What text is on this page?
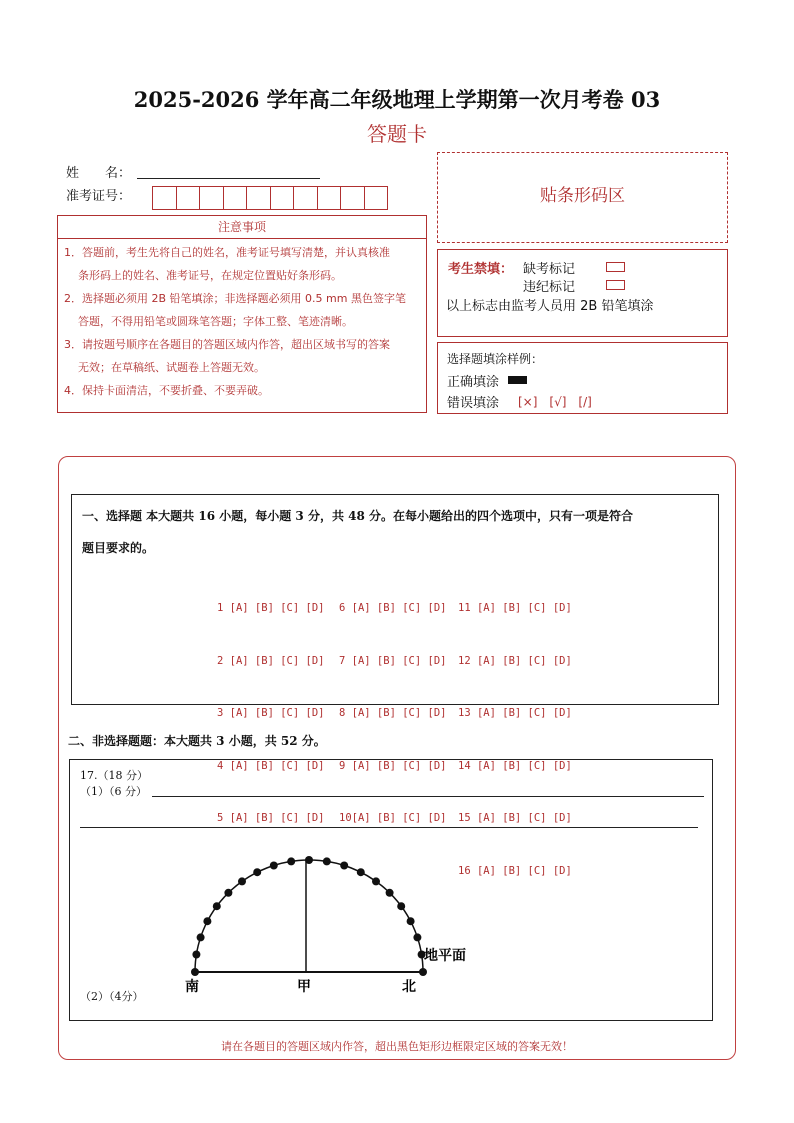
2025-2026 学年高二年级地理上学期第一次月考卷 03
答题卡
姓　　名：
准考证号：
注意事项
1．答题前，考生先将自己的姓名，准考证号填写清楚，并认真核准
条形码上的姓名、准考证号，在规定位置贴好条形码。
2．选择题必须用 2B 铅笔填涂；非选择题必须用 0.5 mm 黑色签字笔
答题，不得用铅笔或圆珠笔答题；字体工整、笔迹清晰。
3．请按题号顺序在各题目的答题区域内作答，超出区域书写的答案
无效；在草稿纸、试题卷上答题无效。
4．保持卡面清洁，不要折叠、不要弄破。
贴条形码区
考生禁填： 缺考标记
违纪标记
以上标志由监考人员用 2B 铅笔填涂
选择题填涂样例：
正确填涂
错误填涂 [×]　[√]　[/]
一、选择题 本大题共 16 小题，每小题 3 分，共 48 分。在每小题给出的四个选项中，只有一项是符合
题目要求的。

1 [A] [B] [C] [D]

2 [A] [B] [C] [D]

3 [A] [B] [C] [D]

4 [A] [B] [C] [D]

5 [A] [B] [C] [D]

6 [A] [B] [C] [D]

7 [A] [B] [C] [D]

8 [A] [B] [C] [D]

9 [A] [B] [C] [D]

10[A] [B] [C] [D]

11 [A] [B] [C] [D]

12 [A] [B] [C] [D]

13 [A] [B] [C] [D]

14 [A] [B] [C] [D]

15 [A] [B] [C] [D]

16 [A] [B] [C] [D]

二、非选择题题：本大题共 3 小题，共 52 分。
17.（18 分）
（1）（6 分）
（2）（4分）
地平面
南	甲	北
请在各题目的答题区域内作答，超出黑色矩形边框限定区域的答案无效！
